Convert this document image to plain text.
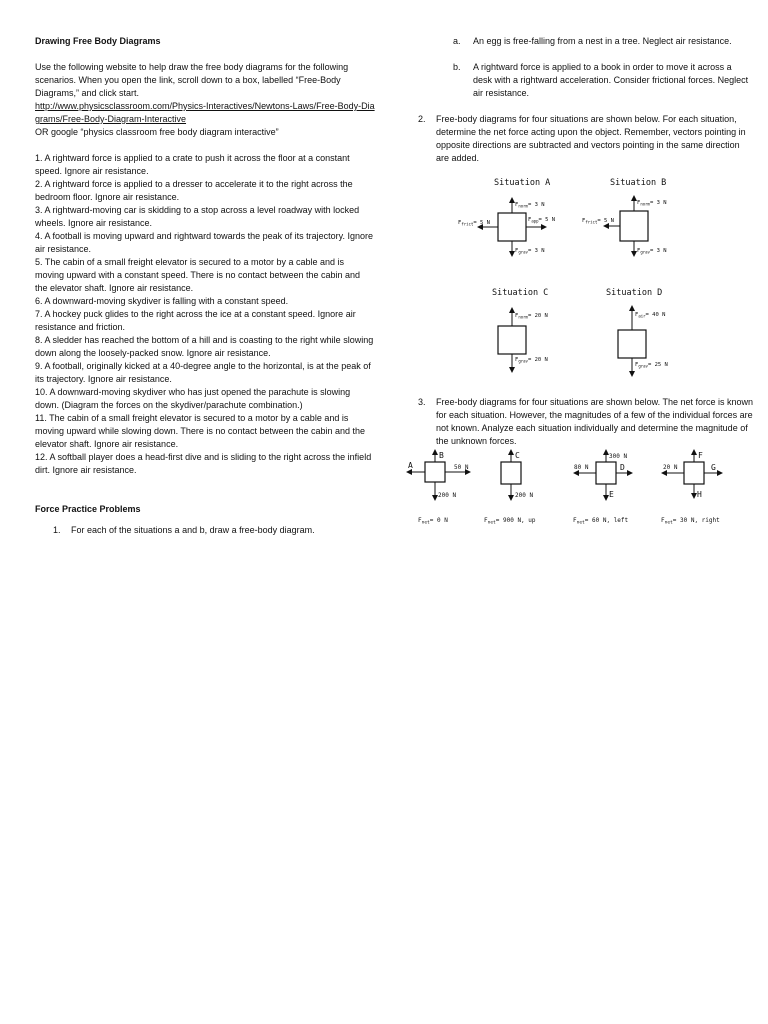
Drawing Free Body Diagrams

Use the following website to help draw the free body diagrams for the following scenarios. When you open the link, scroll down to a box, labelled “Free-Body Diagrams,” and click start.

http://www.physicsclassroom.com/Physics-Interactives/Newtons-Laws/Free-Body-Diagrams/Free-Body-Diagram-Interactive

OR google “physics classroom free body diagram interactive”

1. A rightward force is applied to a crate to push it across the floor at a constant speed. Ignore air resistance.

2. A rightward force is applied to a dresser to accelerate it to the right across the bedroom floor. Ignore air resistance.

3. A rightward-moving car is skidding to a stop across a level roadway with locked wheels. Ignore air resistance.

4. A football is moving upward and rightward towards the peak of its trajectory. Ignore air resistance.

5. The cabin of a small freight elevator is secured to a motor by a cable and is moving upward with a constant speed. There is no contact between the cabin and the elevator shaft. Ignore air resistance.

6. A downward-moving skydiver is falling with a constant speed.

7. A hockey puck glides to the right across the ice at a constant speed. Ignore air resistance and friction.

8. A sledder has reached the bottom of a hill and is coasting to the right while slowing down along the loosely-packed snow. Ignore air resistance.

9. A football, originally kicked at a 40-degree angle to the horizontal, is at the peak of its trajectory. Ignore air resistance.

10. A downward-moving skydiver who has just opened the parachute is slowing down. (Diagram the forces on the skydiver/parachute combination.)

11. The cabin of a small freight elevator is secured to a motor by a cable and is moving upward while slowing down. There is no contact between the cabin and the elevator shaft. Ignore air resistance.

12. A softball player does a head-first dive and is sliding to the right across the infield dirt. Ignore air resistance.

Force Practice Problems
1.	For each of the situations a and b, draw a free-body diagram.
a.	An egg is free-falling from a nest in a tree. Neglect air resistance.
b.	A rightward force is applied to a book in order to move it across a desk with a rightward acceleration. Consider frictional forces. Neglect air resistance.
2.	Free-body diagrams for four situations are shown below. For each situation, determine the net force acting upon the object. Remember, vectors pointing in opposite directions are subtracted and vectors pointing in the same direction are added.
Situation A	Situation B
$F_{norm}= 3$ N
$F_{frict}= 5$ N	$F_{app}= 5$ N
$F_{grav}= 3$ N
$F_{norm}= 3$ N
$F_{frict}= 5$ N
$F_{grav}= 3$ N
Situation C	Situation D
$F_{norm}= 20$ N
$F_{grav}= 20$ N
$F_{air}= 40$ N
$F_{grav}= 25$ N
A
B
50 N
200 N
$F_{net}= 0$ N
C
200 N
$F_{net}= 900$ N, up
300 N
80 N	D
E
$F_{net}= 60$ N, left
F
20 N	G
H
$F_{net}= 30$ N, right
3.	Free-body diagrams for four situations are shown below. The net force is known for each situation. However, the magnitudes of a few of the individual forces are not known. Analyze each situation individually and determine the magnitude of the unknown forces.
